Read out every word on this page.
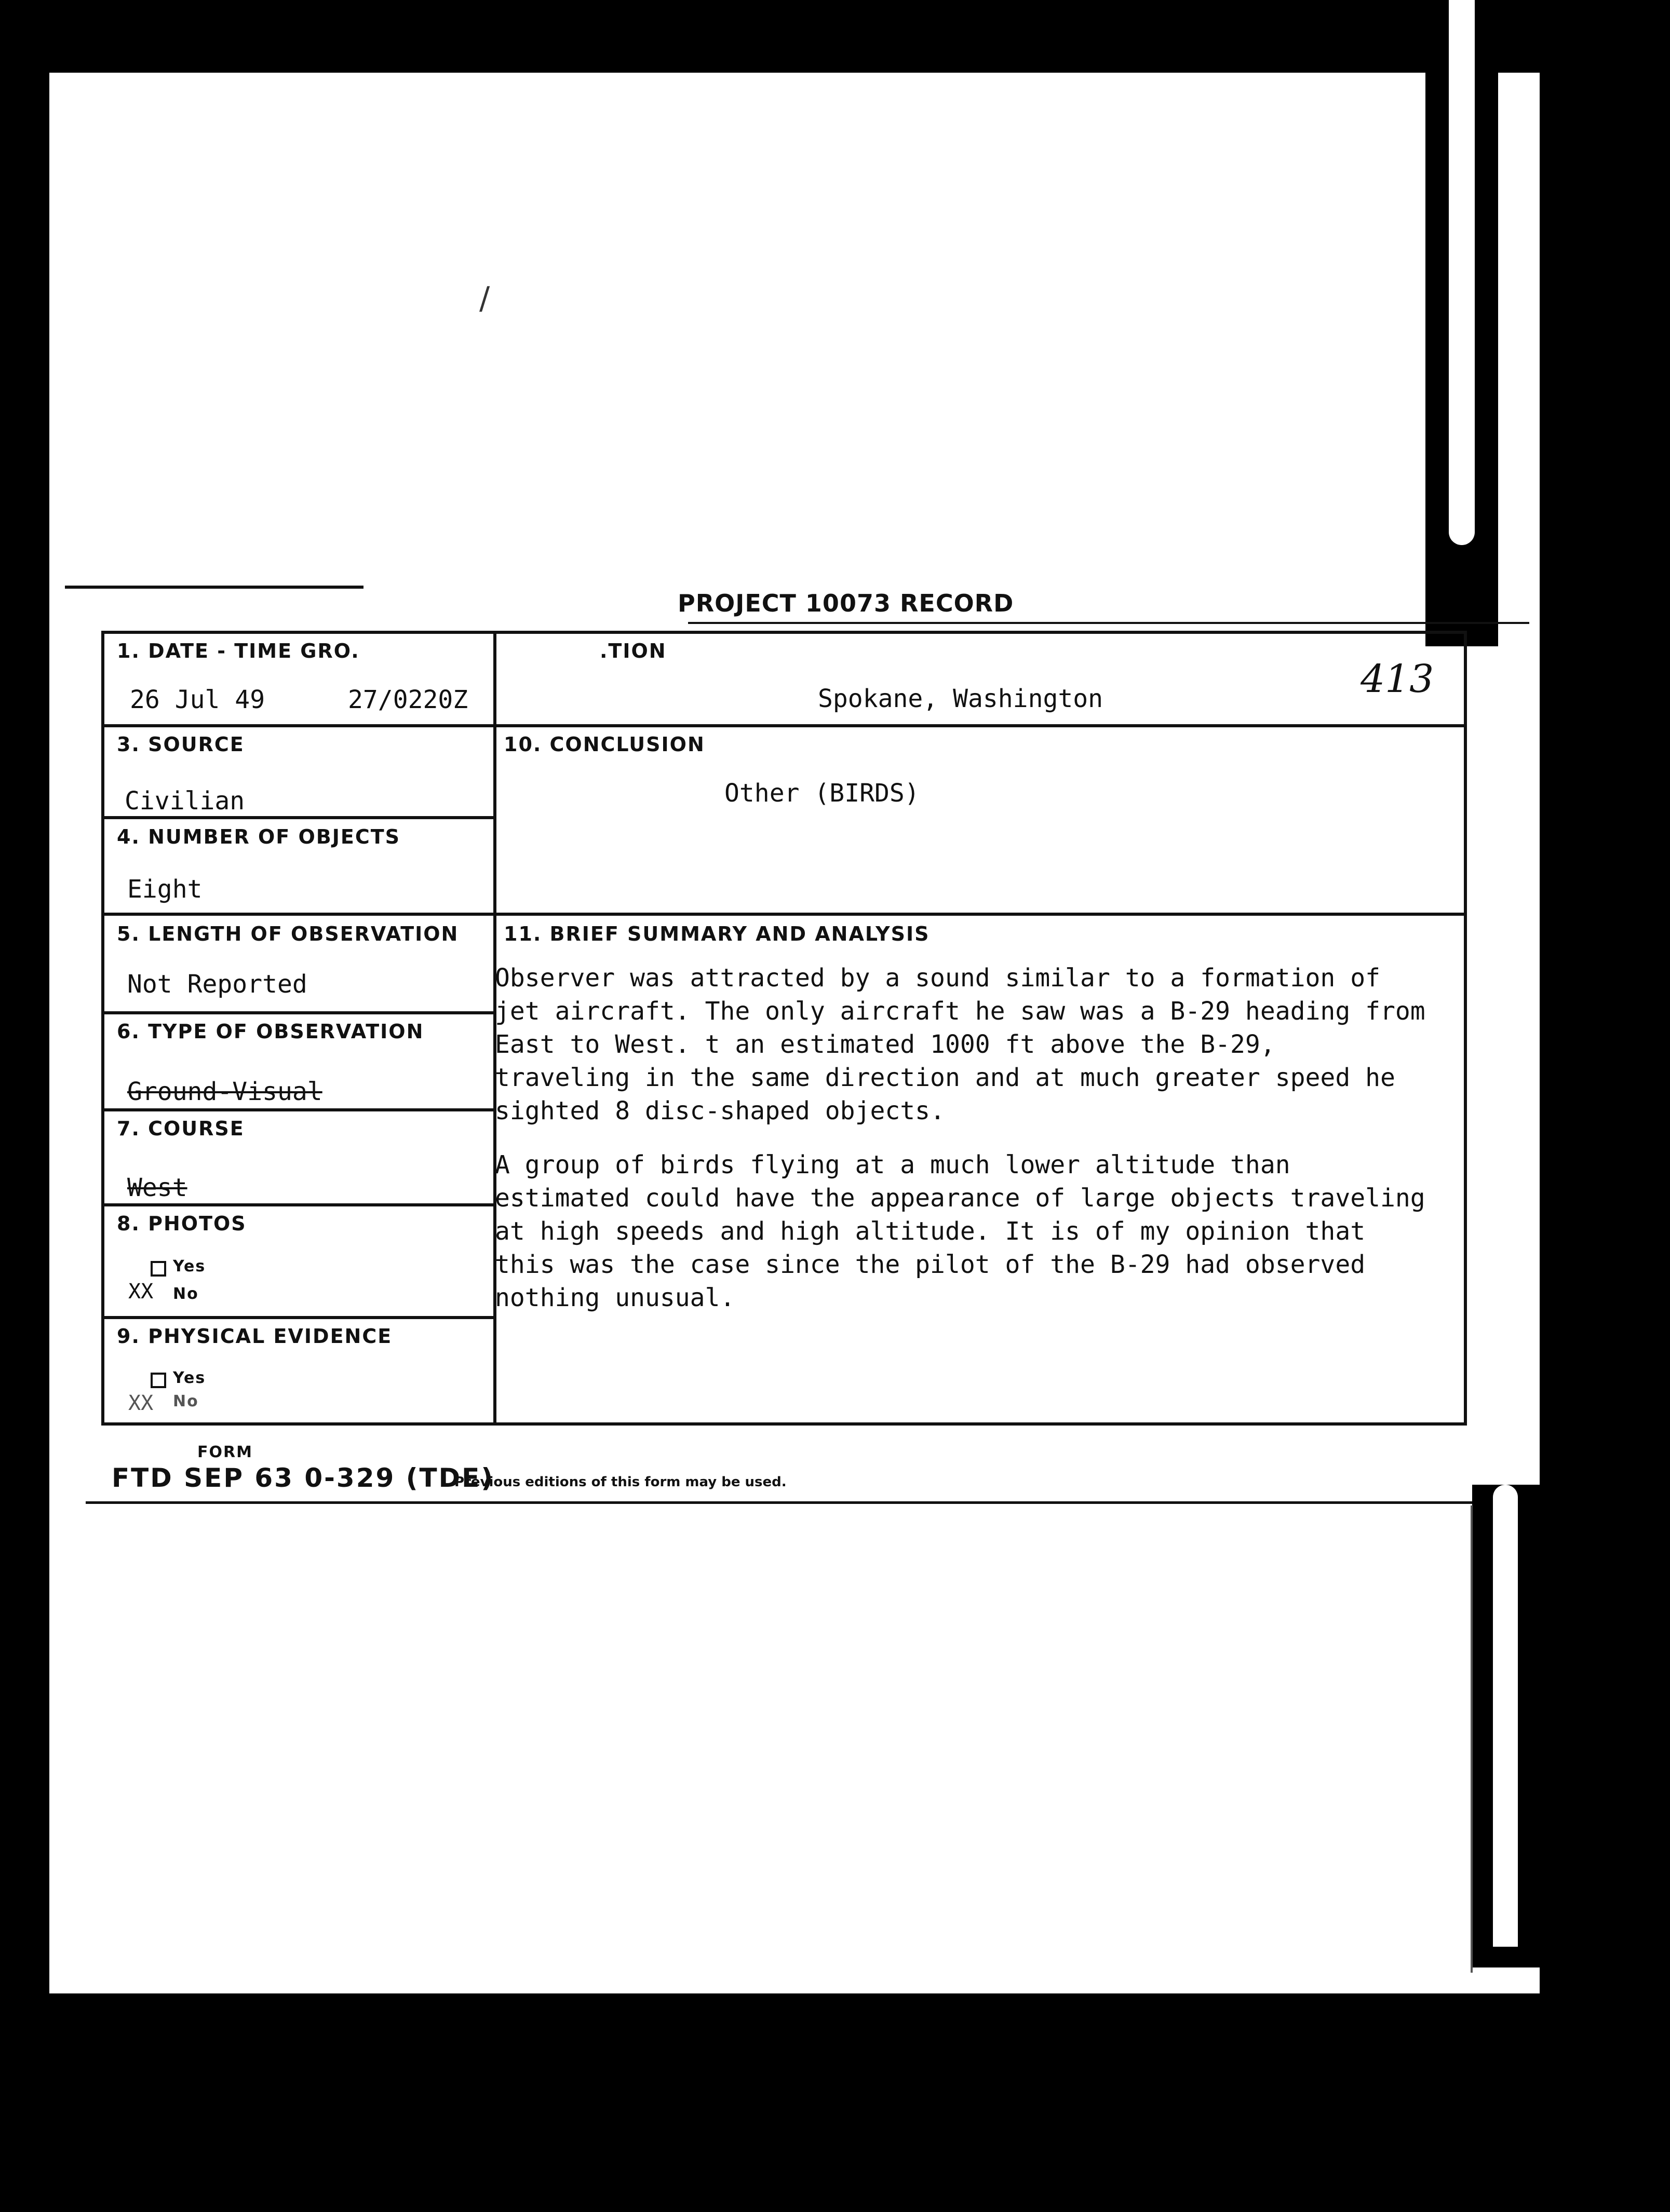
/
PROJECT 10073 RECORD
1. DATE - TIME GRO.
26 Jul 49	27/0220Z
.TION
Spokane, Washington	413
3. SOURCE
Civilian
10. CONCLUSION
Other (BIRDS)
4. NUMBER OF OBJECTS
Eight
5. LENGTH OF OBSERVATION
Not Reported
11. BRIEF SUMMARY AND ANALYSIS
Observer was attracted by a sound similar to a formation of
jet aircraft. The only aircraft he saw was a B-29 heading from
East to West. t an estimated 1000 ft above the B-29,
traveling in the same direction and at much greater speed he
sighted 8 disc-shaped objects.
A group of birds flying at a much lower altitude than
estimated could have the appearance of large objects traveling
at high speeds and high altitude. It is of my opinion that
this was the case since the pilot of the B-29 had observed
nothing unusual.
6. TYPE OF OBSERVATION
Ground-Visual
7. COURSE
West
8. PHOTOS
Yes
XX No
9. PHYSICAL EVIDENCE
Yes
XX No
FORM
FTD SEP 63 0-329 (TDE)
Previous editions of this form may be used.
